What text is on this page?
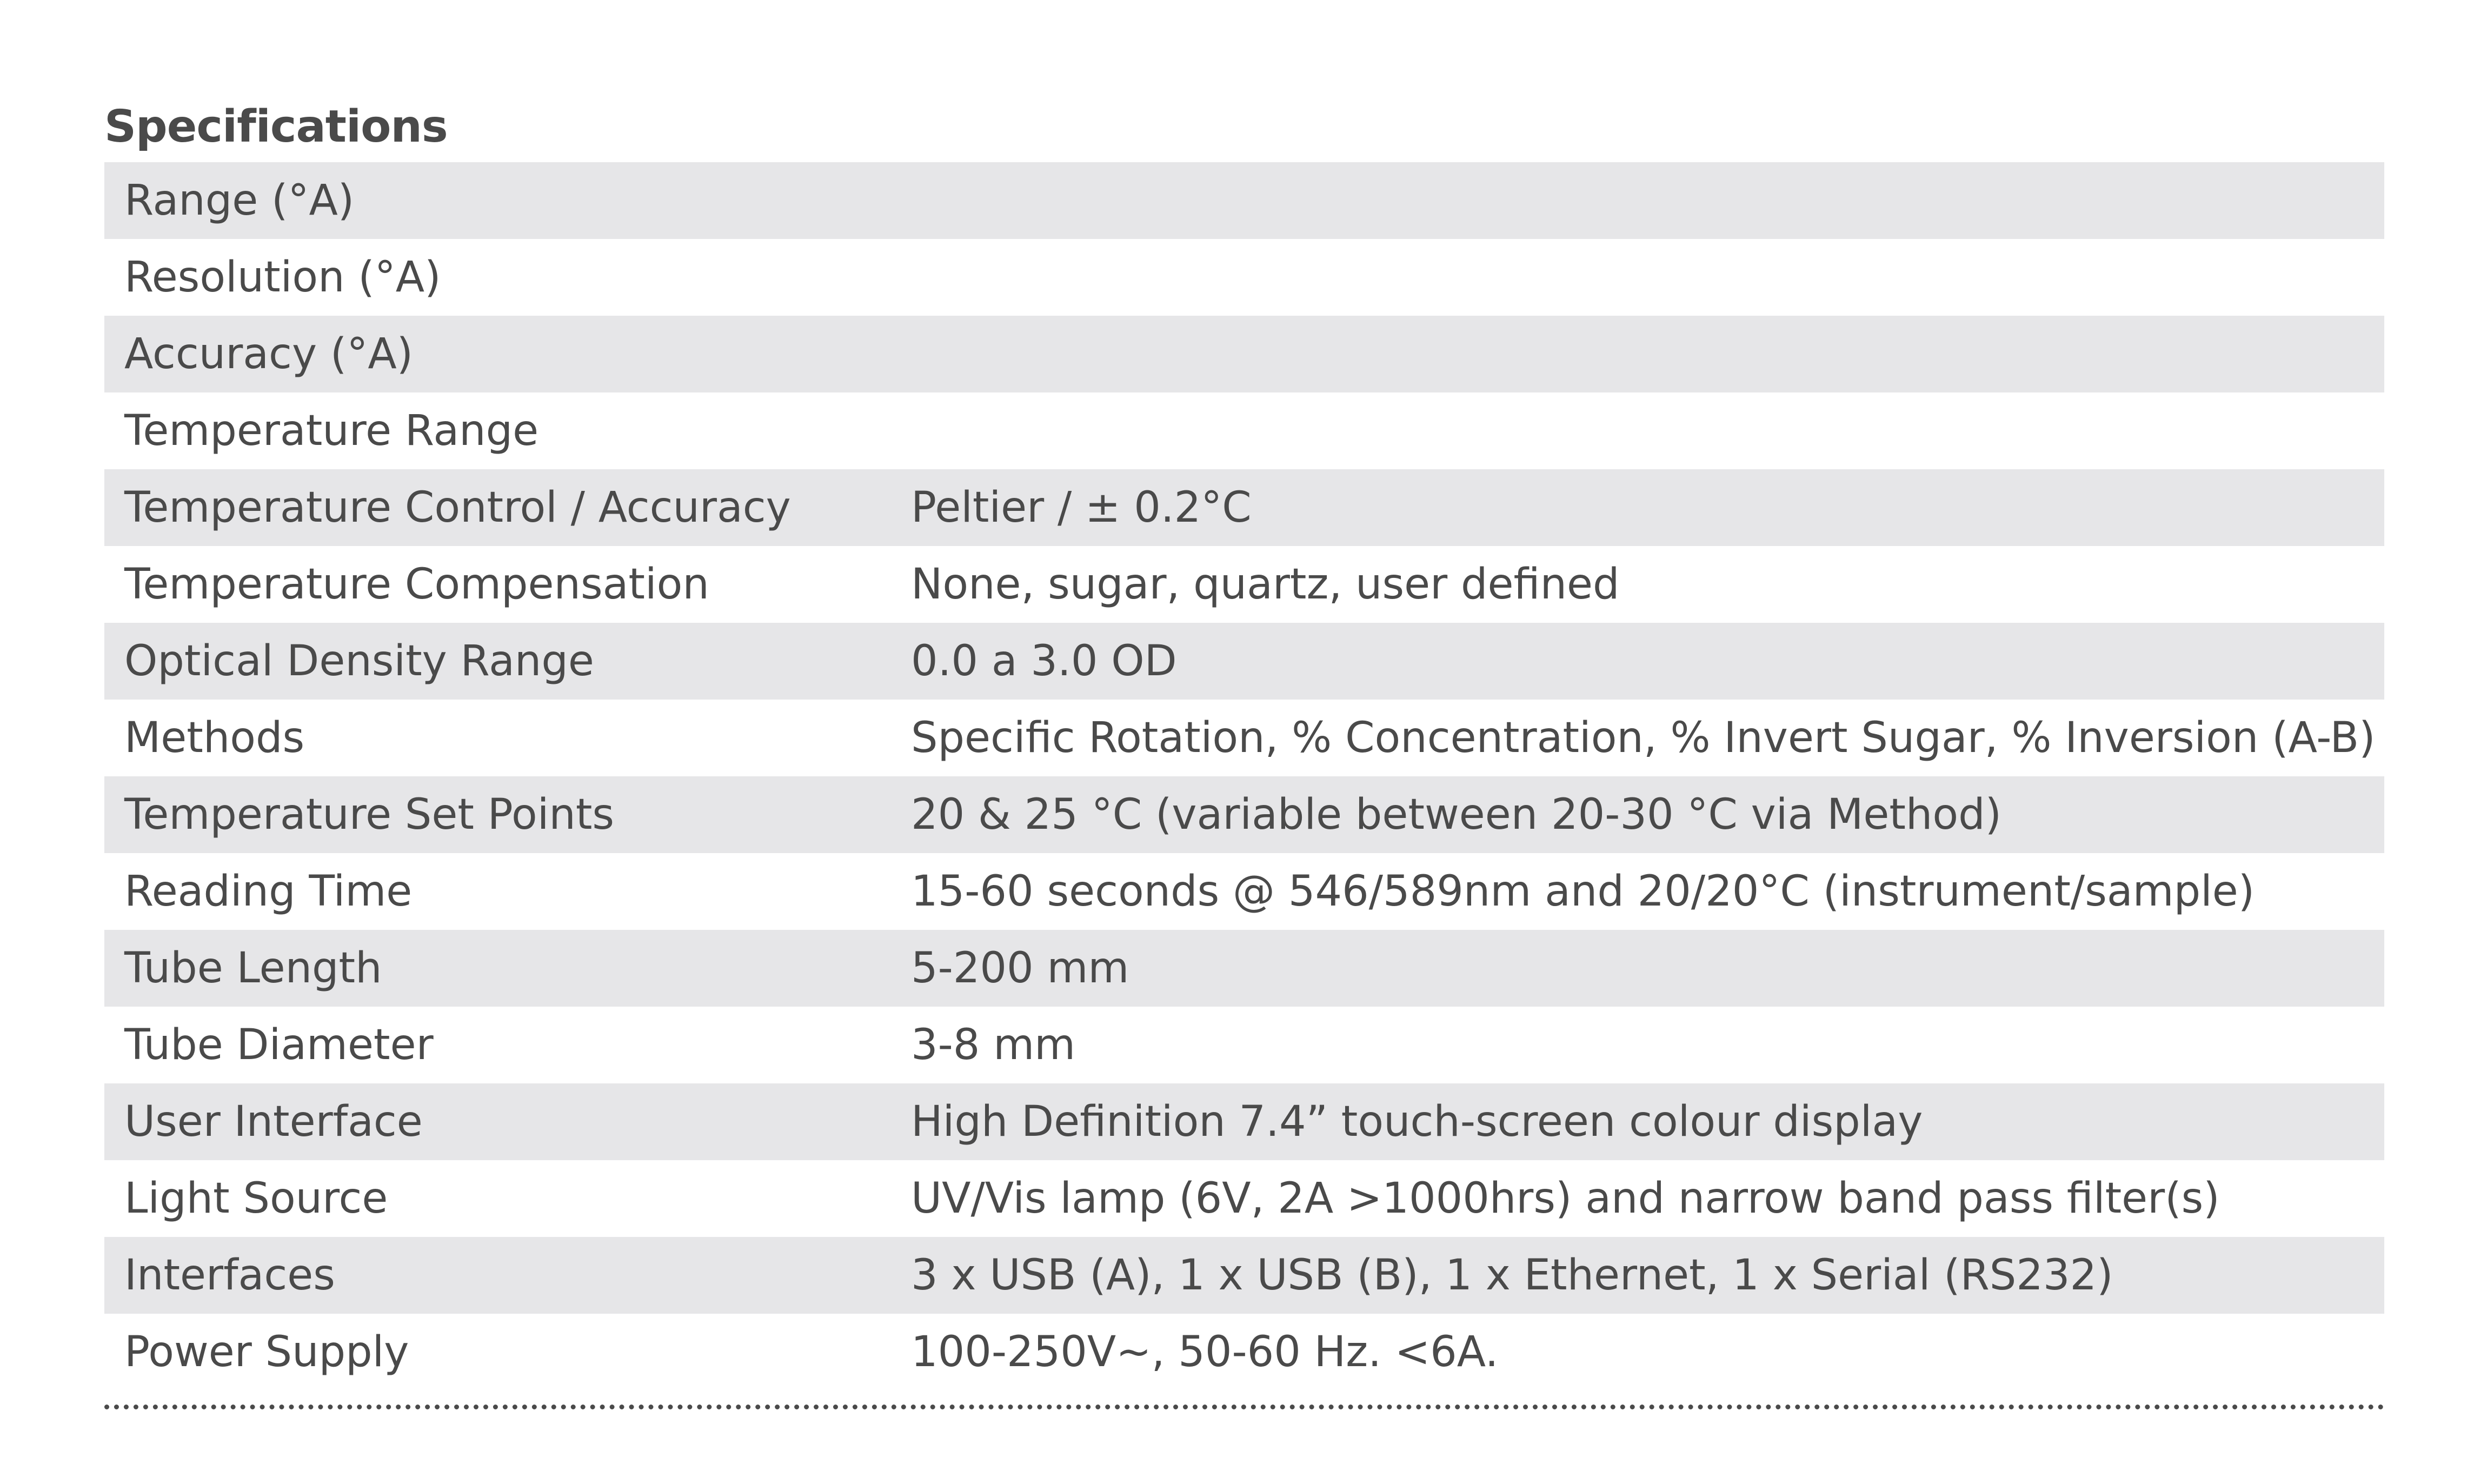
Specifications
Range (°A)	
Resolution (°A)	
Accuracy (°A)	
Temperature Range	
Temperature Control / Accuracy	Peltier / ± 0.2°C
Temperature Compensation	None, sugar, quartz, user defined
Optical Density Range	0.0 a 3.0 OD
Methods	Specific Rotation, % Concentration, % Invert Sugar, % Inversion (A-B)
Temperature Set Points	20 & 25 °C (variable between 20-30 °C via Method)
Reading Time	15-60 seconds @ 546/589nm and 20/20°C (instrument/sample)
Tube Length	5-200 mm
Tube Diameter	3-8 mm
User Interface	High Definition 7.4” touch-screen colour display
Light Source	UV/Vis lamp (6V, 2A >1000hrs) and narrow band pass filter(s)
Interfaces	3 x USB (A), 1 x USB (B), 1 x Ethernet, 1 x Serial (RS232)
Power Supply	100-250V~, 50-60 Hz. <6A.
